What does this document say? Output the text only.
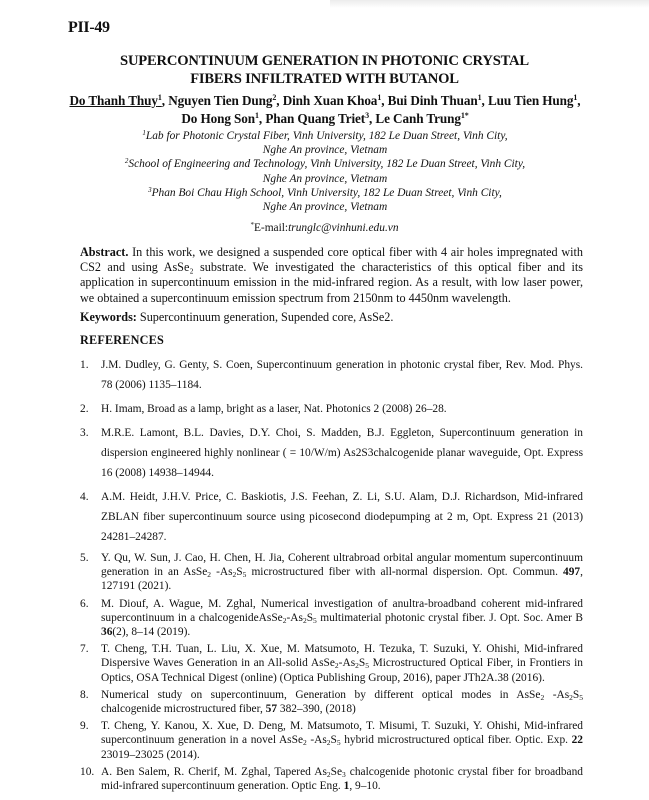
PII-49
SUPERCONTINUUM GENERATION IN PHOTONIC CRYSTAL
FIBERS INFILTRATED WITH BUTANOL
Do Thanh Thuy$^1$, Nguyen Tien Dung$^2$, Dinh Xuan Khoa$^1$, Bui Dinh Thuan$^1$, Luu Tien Hung$^1$, Do Hong Son$^1$, Phan Quang Triet$^3$, Le Canh Trung$^{1*}$
$^1$Lab for Photonic Crystal Fiber, Vinh University, 182 Le Duan Street, Vinh City,
Nghe An province, Vietnam
$^2$School of Engineering and Technology, Vinh University, 182 Le Duan Street, Vinh City,
Nghe An province, Vietnam
$^3$Phan Boi Chau High School, Vinh University, 182 Le Duan Street, Vinh City,
Nghe An province, Vietnam
*E-mail:trunglc@vinhuni.edu.vn
Abstract. In this work, we designed a suspended core optical fiber with 4 air holes impregnated with CS2 and using AsSe₂ substrate. We investigated the characteristics of this optical fiber and its application in supercontinuum emission in the mid-infrared region. As a result, with low laser power, we obtained a supercontinuum emission spectrum from 2150nm to 4450nm wavelength.
Keywords: Supercontinuum generation, Supended core, AsSe2.
REFERENCES
1. J.M. Dudley, G. Genty, S. Coen, Supercontinuum generation in photonic crystal fiber, Rev. Mod. Phys. 78 (2006) 1135–1184.
2. H. Imam, Broad as a lamp, bright as a laser, Nat. Photonics 2 (2008) 26–28.
3. M.R.E. Lamont, B.L. Davies, D.Y. Choi, S. Madden, B.J. Eggleton, Supercontinuum generation in dispersion engineered highly nonlinear ( = 10/W/m) As2S3chalcogenide planar waveguide, Opt. Express 16 (2008) 14938–14944.
4. A.M. Heidt, J.H.V. Price, C. Baskiotis, J.S. Feehan, Z. Li, S.U. Alam, D.J. Richardson, Mid-infrared ZBLAN fiber supercontinuum source using picosecond diodepumping at 2 m, Opt. Express 21 (2013) 24281–24287.
5. Y. Qu, W. Sun, J. Cao, H. Chen, H. Jia, Coherent ultrabroad orbital angular momentum supercontinuum generation in an AsSe$_2$ $-As_2S_5$ microstructured fiber with all-normal dispersion. Opt. Commun. 497, 127191 (2021).
6. M. Diouf, A. Wague, M. Zghal, Numerical investigation of anultra-broadband coherent mid-infrared supercontinuum in a $chalcogenideAsSe_2-As_2S_5$ multimaterial photonic crystal fiber. J. Opt. Soc. Amer B 36(2), 8–14 (2019).
7. T. Cheng, T.H. Tuan, L. Liu, X. Xue, M. Matsumoto, H. Tezuka, T. Suzuki, Y. Ohishi, Mid-infrared Dispersive Waves Generation in an All-solid $AsSe_2-As_2S_5$ Microstructured Optical Fiber, in Frontiers in Optics, OSA Technical Digest (online) (Optica Publishing Group, 2016), paper JTh2A.38 (2016).
8. Numerical study on supercontinuum, Generation by different optical modes in AsSe$_2$ $-As_2S_5$ chalcogenide microstructured fiber, 57 382–390, (2018)
9. T. Cheng, Y. Kanou, X. Xue, D. Deng, M. Matsumoto, T. Misumi, T. Suzuki, Y. Ohishi, Mid-infrared supercontinuum generation in a novel AsSe$_2$ $-As_2S_5$ hybrid microstructured optical fiber. Optic. Exp. 22 23019–23025 (2014).
10. A. Ben Salem, R. Cherif, M. Zghal, Tapered $As_2Se_3$ chalcogenide photonic crystal fiber for broadband mid-infrared supercontinuum generation. Optic Eng. 1, 9–10.
